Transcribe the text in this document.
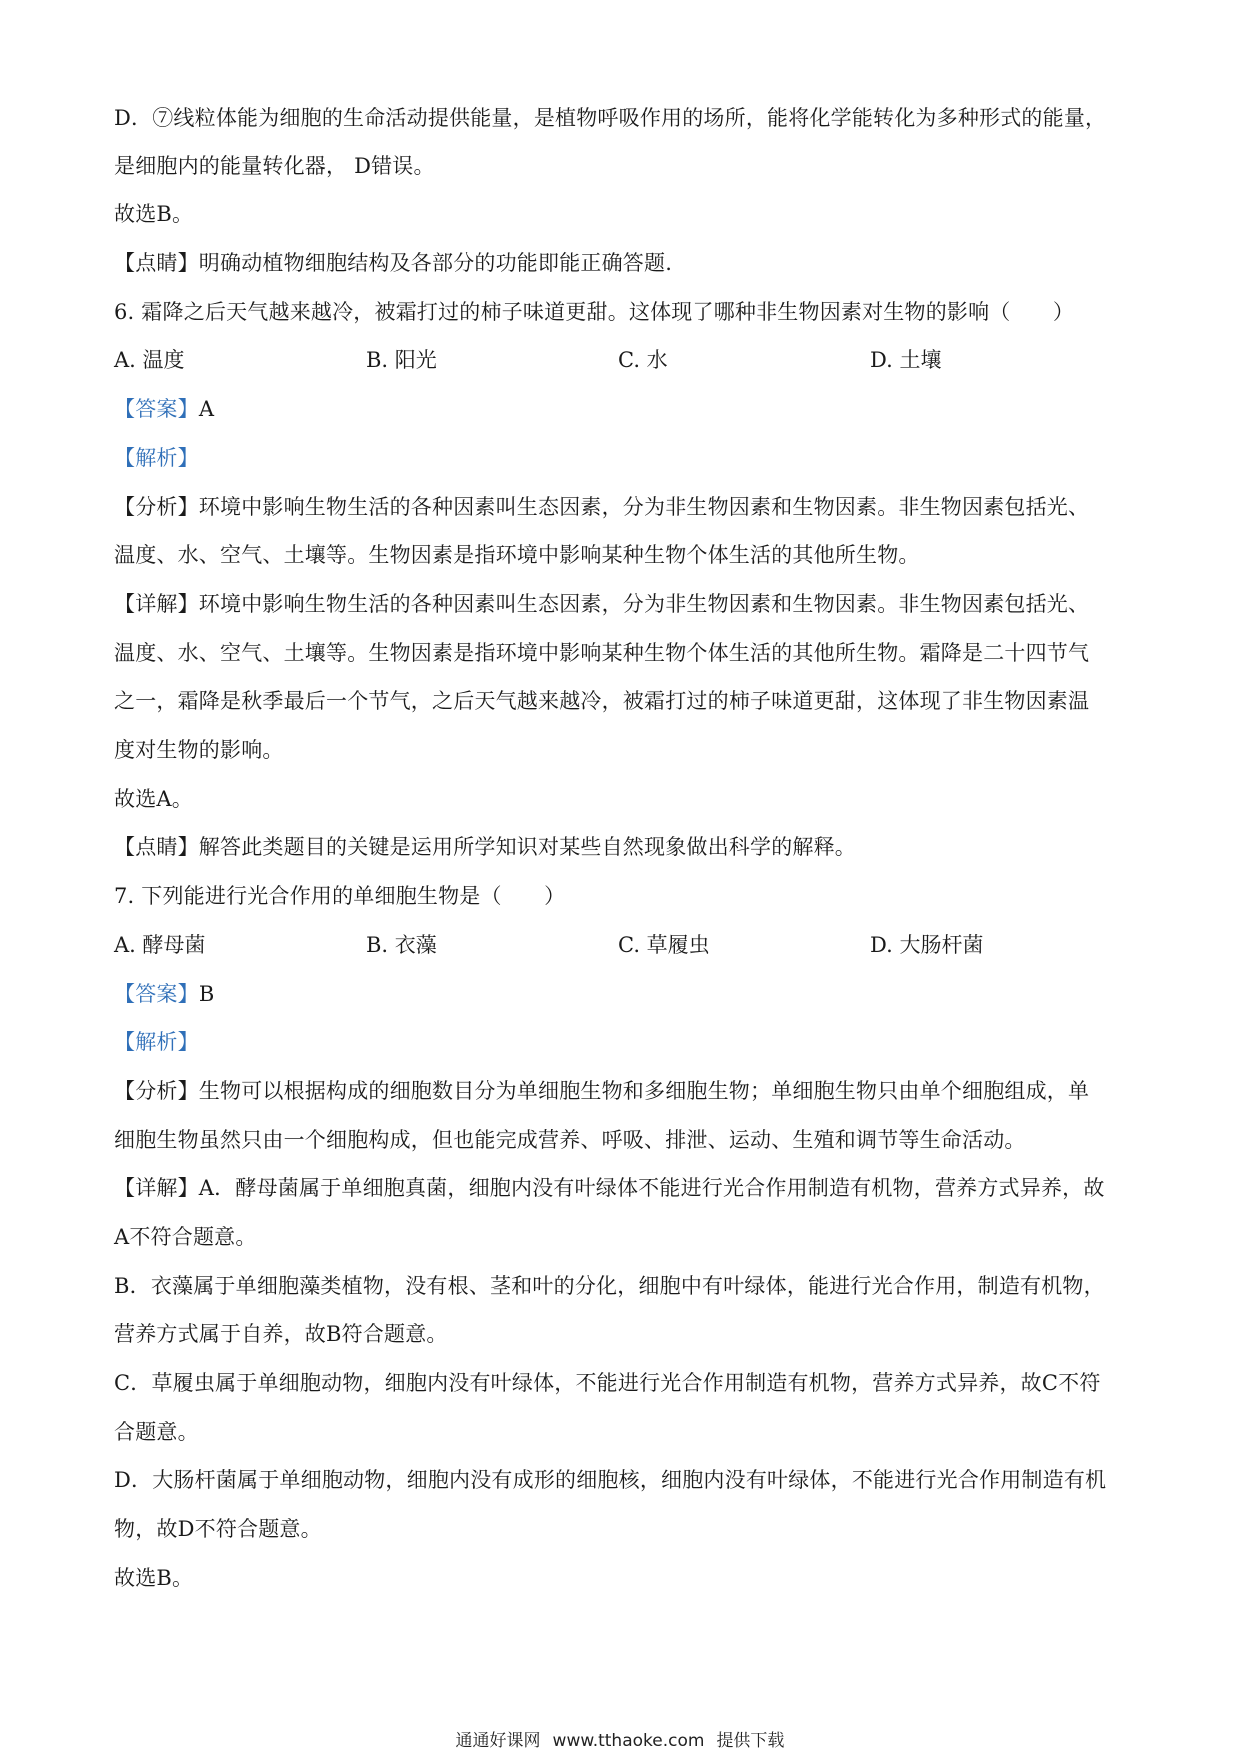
D．⑦线粒体能为细胞的生命活动提供能量，是植物呼吸作用的场所，能将化学能转化为多种形式的能量，
是细胞内的能量转化器， D错误。
故选B。
【点睛】明确动植物细胞结构及各部分的功能即能正确答题.
6. 霜降之后天气越来越冷，被霜打过的柿子味道更甜。这体现了哪种非生物因素对生物的影响（　　）
A. 温度	B. 阳光	C. 水	D. 土壤
【答案】A
【解析】
【分析】环境中影响生物生活的各种因素叫生态因素，分为非生物因素和生物因素。非生物因素包括光、
温度、水、空气、土壤等。生物因素是指环境中影响某种生物个体生活的其他所生物。
【详解】环境中影响生物生活的各种因素叫生态因素，分为非生物因素和生物因素。非生物因素包括光、
温度、水、空气、土壤等。生物因素是指环境中影响某种生物个体生活的其他所生物。霜降是二十四节气
之一，霜降是秋季最后一个节气，之后天气越来越冷，被霜打过的柿子味道更甜，这体现了非生物因素温
度对生物的影响。
故选A。
【点睛】解答此类题目的关键是运用所学知识对某些自然现象做出科学的解释。
7. 下列能进行光合作用的单细胞生物是（　　）
A. 酵母菌	B. 衣藻	C. 草履虫	D. 大肠杆菌
【答案】B
【解析】
【分析】生物可以根据构成的细胞数目分为单细胞生物和多细胞生物；单细胞生物只由单个细胞组成，单
细胞生物虽然只由一个细胞构成，但也能完成营养、呼吸、排泄、运动、生殖和调节等生命活动。
【详解】A．酵母菌属于单细胞真菌，细胞内没有叶绿体不能进行光合作用制造有机物，营养方式异养，故
A不符合题意。
B．衣藻属于单细胞藻类植物，没有根、茎和叶的分化，细胞中有叶绿体，能进行光合作用，制造有机物，
营养方式属于自养，故B符合题意。
C．草履虫属于单细胞动物，细胞内没有叶绿体，不能进行光合作用制造有机物，营养方式异养，故C不符
合题意。
D．大肠杆菌属于单细胞动物，细胞内没有成形的细胞核，细胞内没有叶绿体，不能进行光合作用制造有机
物，故D不符合题意。
故选B。
通通好课网 www.tthaoke.com 提供下载
